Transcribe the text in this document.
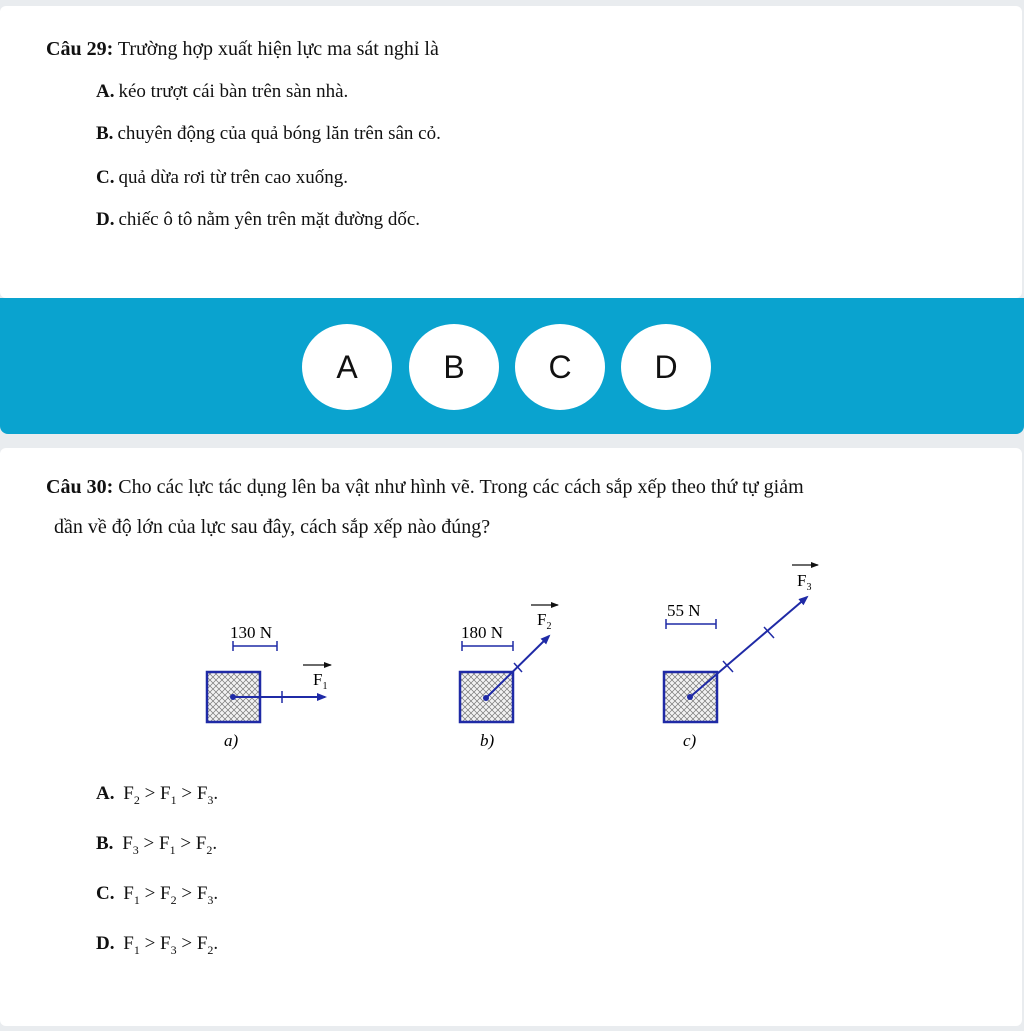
Câu 29: Trường hợp xuất hiện lực ma sát nghỉ là
A. kéo trượt cái bàn trên sàn nhà.
B. chuyên động của quả bóng lăn trên sân cỏ.
C. quả dừa rơi từ trên cao xuống.
D. chiếc ô tô nằm yên trên mặt đường dốc.
A	B	C	D
Câu 30: Cho các lực tác dụng lên ba vật như hình vẽ. Trong các cách sắp xếp theo thứ tự giảm
dần về độ lớn của lực sau đây, cách sắp xếp nào đúng?
130 N
$F_1$
a)
180 N
$F_2$
b)
$F_3$
55 N
c)
A. $F_2 > F_1 > F_3$.
B. $F_3 > F_1 > F_2$.
C. $F_1 > F_2 > F_3$.
D. $F_1 > F_3 > F_2$.
